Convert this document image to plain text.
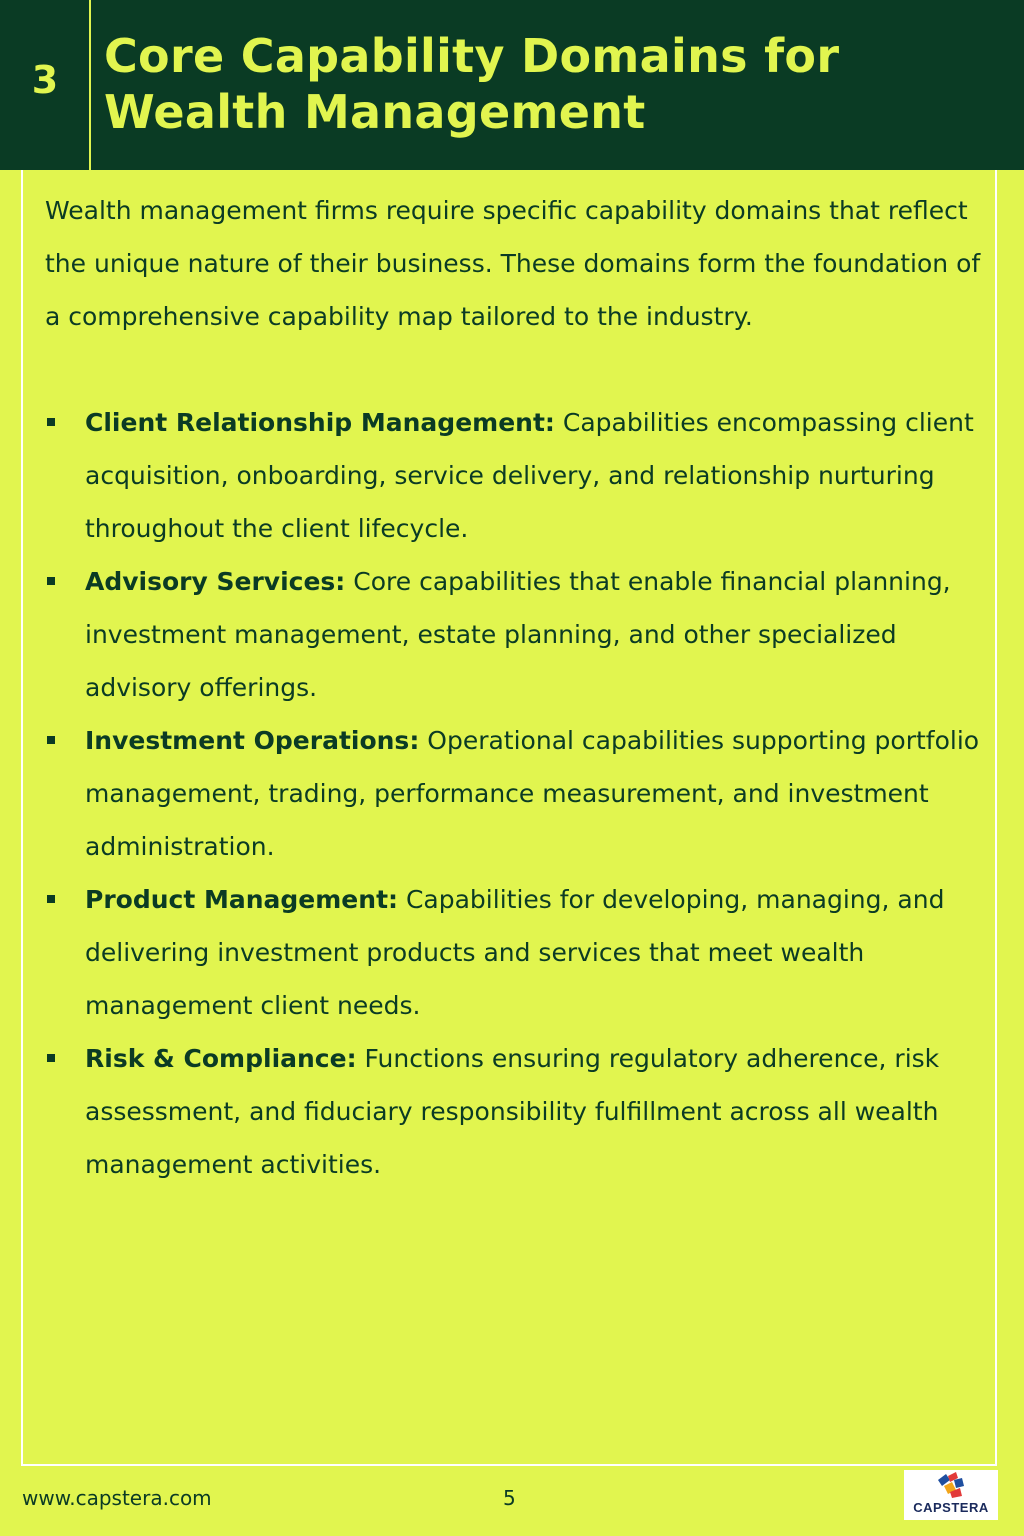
3 Core Capability Domains for Wealth Management

Wealth management firms require specific capability domains that reflect the unique nature of their business. These domains form the foundation of a comprehensive capability map tailored to the industry.

Client Relationship Management: Capabilities encompassing client acquisition, onboarding, service delivery, and relationship nurturing throughout the client lifecycle.
Advisory Services: Core capabilities that enable financial planning, investment management, estate planning, and other specialized advisory offerings.
Investment Operations: Operational capabilities supporting portfolio management, trading, performance measurement, and investment administration.
Product Management: Capabilities for developing, managing, and delivering investment products and services that meet wealth management client needs.
Risk & Compliance: Functions ensuring regulatory adherence, risk assessment, and fiduciary responsibility fulfillment across all wealth management activities.
www.capstera.com	5	CAPSTERA
